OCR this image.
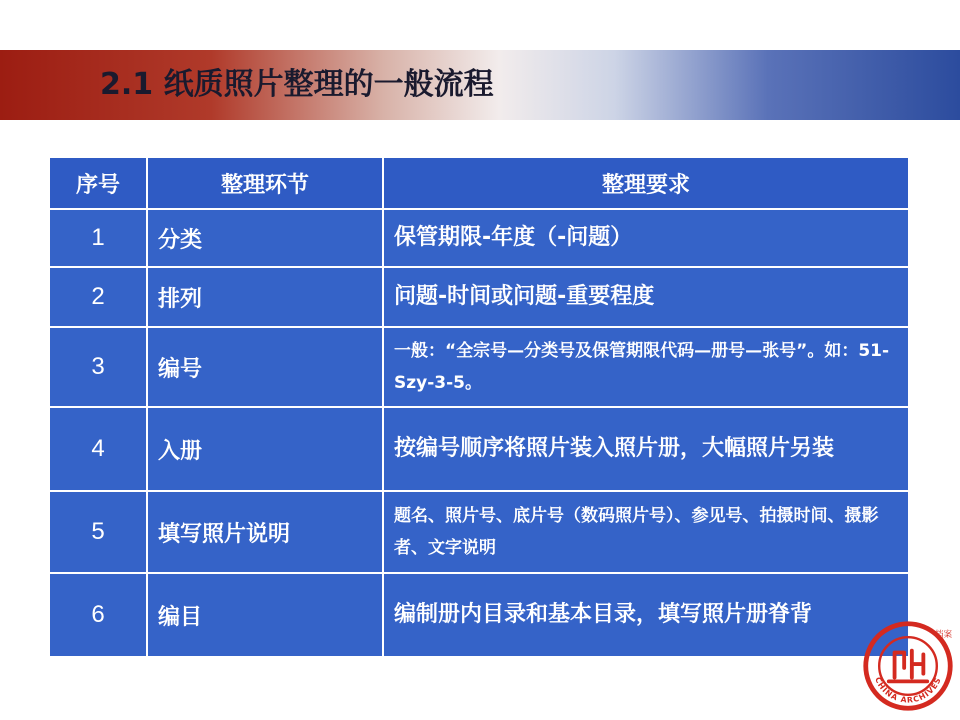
2.1 纸质照片整理的一般流程
序号	整理环节	整理要求
1	分类	保管期限-年度（-问题）
2	排列	问题-时间或问题-重要程度
3	编号	一般：“全宗号—分类号及保管期限代码—册号—张号”。如：51-Szy-3-5。
4	入册	按编号顺序将照片装入照片册，大幅照片另装
5	填写照片说明	题名、照片号、底片号（数码照片号）、参见号、拍摄时间、摄影者、文字说明
6	编目	编制册内目录和基本目录，填写照片册脊背
CHINA ARCHIVES
档案
